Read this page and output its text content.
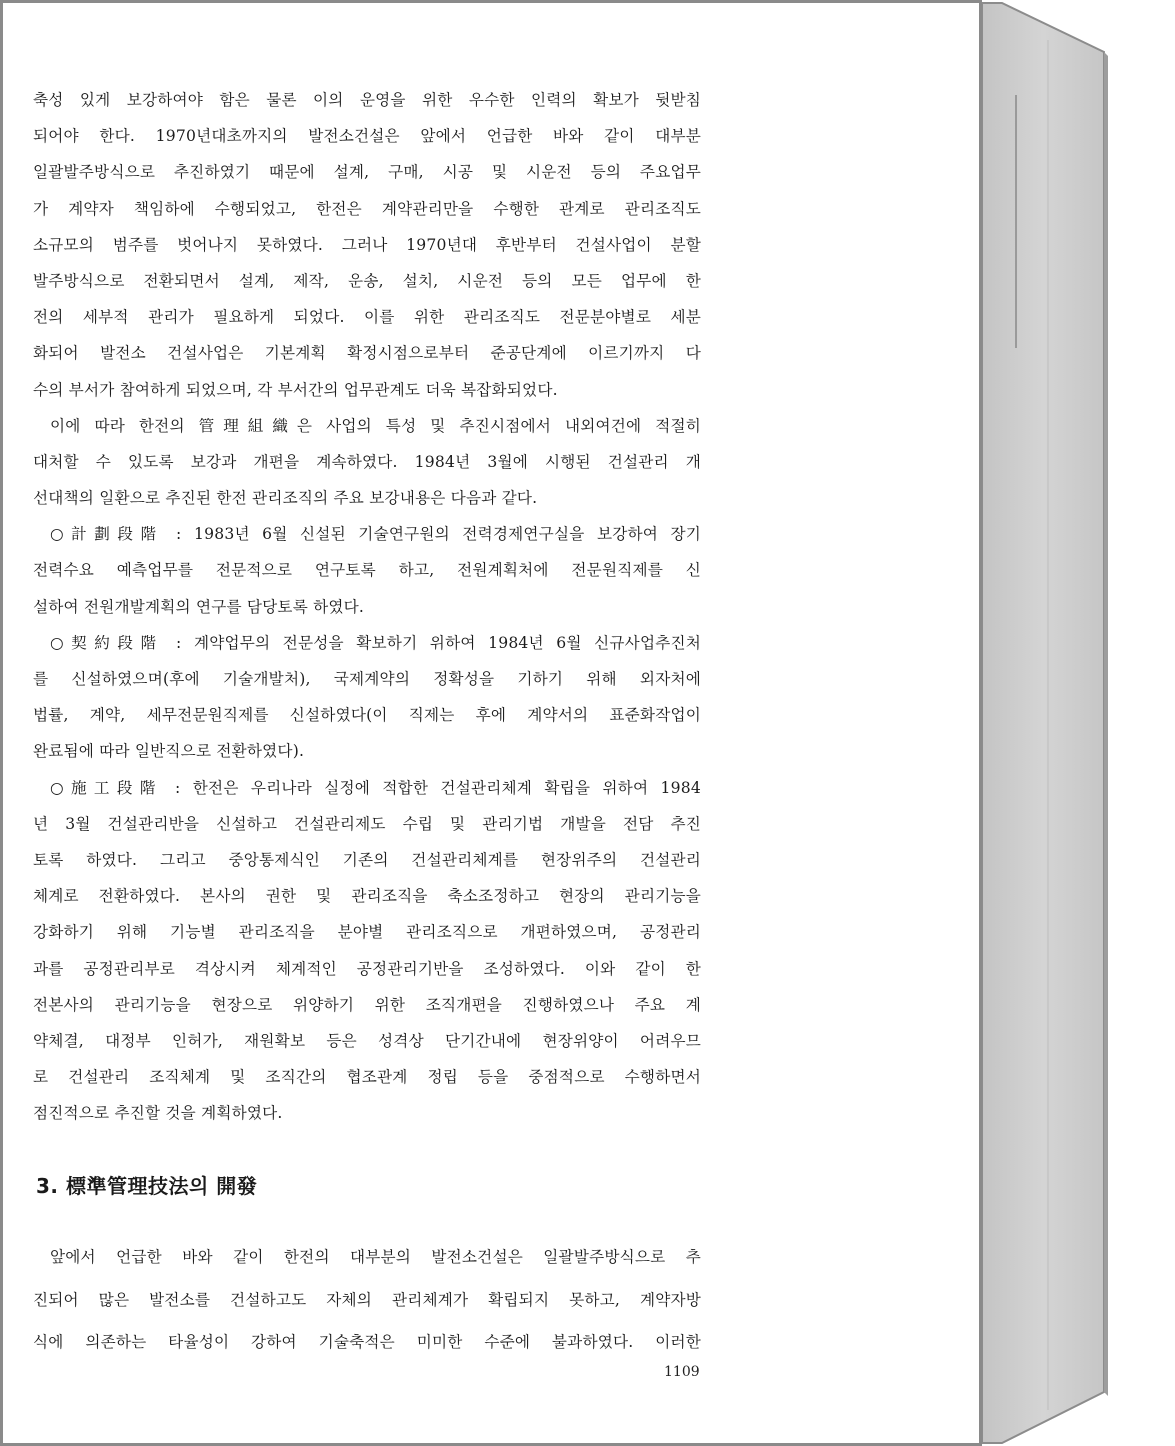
축성 있게 보강하여야 함은 물론 이의 운영을 위한 우수한 인력의 확보가 뒷받침
되어야 한다. 1970년대초까지의 발전소건설은 앞에서 언급한 바와 같이 대부분
일괄발주방식으로 추진하였기 때문에 설계, 구매, 시공 및 시운전 등의 주요업무
가 계약자 책임하에 수행되었고, 한전은 계약관리만을 수행한 관계로 관리조직도
소규모의 범주를 벗어나지 못하였다. 그러나 1970년대 후반부터 건설사업이 분할
발주방식으로 전환되면서 설계, 제작, 운송, 설치, 시운전 등의 모든 업무에 한
전의 세부적 관리가 필요하게 되었다. 이를 위한 관리조직도 전문분야별로 세분
화되어 발전소 건설사업은 기본계획 확정시점으로부터 준공단계에 이르기까지 다
수의 부서가 참여하게 되었으며, 각 부서간의 업무관계도 더욱 복잡화되었다.
이에 따라 한전의 管理組織은 사업의 특성 및 추진시점에서 내외여건에 적절히
대처할 수 있도록 보강과 개편을 계속하였다. 1984년 3월에 시행된 건설관리 개
선대책의 일환으로 추진된 한전 관리조직의 주요 보강내용은 다음과 같다.
○計劃段階 : 1983년 6월 신설된 기술연구원의 전력경제연구실을 보강하여 장기
전력수요 예측업무를 전문적으로 연구토록 하고, 전원계획처에 전문원직제를 신
설하여 전원개발계획의 연구를 담당토록 하였다.
○契約段階 : 계약업무의 전문성을 확보하기 위하여 1984년 6월 신규사업추진처
를 신설하였으며(후에 기술개발처), 국제계약의 정확성을 기하기 위해 외자처에
법률, 계약, 세무전문원직제를 신설하였다(이 직제는 후에 계약서의 표준화작업이
완료됨에 따라 일반직으로 전환하였다).
○施工段階 : 한전은 우리나라 실정에 적합한 건설관리체계 확립을 위하여 1984
년 3월 건설관리반을 신설하고 건설관리제도 수립 및 관리기법 개발을 전담 추진
토록 하였다. 그리고 중앙통제식인 기존의 건설관리체계를 현장위주의 건설관리
체계로 전환하였다. 본사의 권한 및 관리조직을 축소조정하고 현장의 관리기능을
강화하기 위해 기능별 관리조직을 분야별 관리조직으로 개편하였으며, 공정관리
과를 공정관리부로 격상시켜 체계적인 공정관리기반을 조성하였다. 이와 같이 한
전본사의 관리기능을 현장으로 위양하기 위한 조직개편을 진행하였으나 주요 계
약체결, 대정부 인허가, 재원확보 등은 성격상 단기간내에 현장위양이 어려우므
로 건설관리 조직체계 및 조직간의 협조관계 정립 등을 중점적으로 수행하면서
점진적으로 추진할 것을 계획하였다.
3. 標準管理技法의 開發
앞에서 언급한 바와 같이 한전의 대부분의 발전소건설은 일괄발주방식으로 추
진되어 많은 발전소를 건설하고도 자체의 관리체계가 확립되지 못하고, 계약자방
식에 의존하는 타율성이 강하여 기술축적은 미미한 수준에 불과하였다. 이러한
1109
